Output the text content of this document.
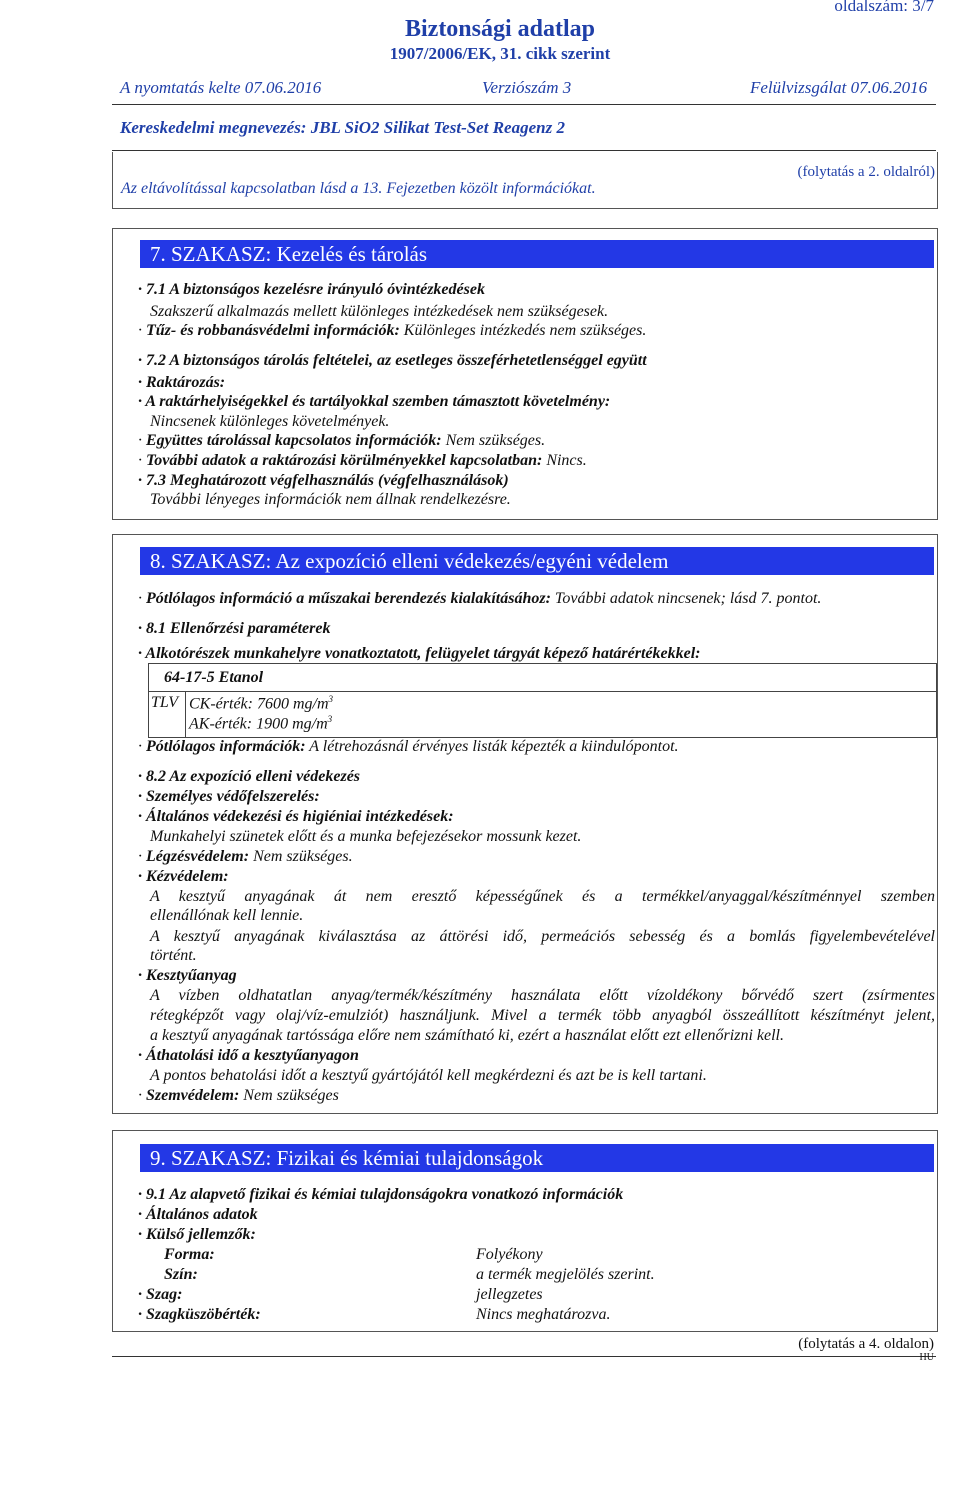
oldalszám: 3/7
Biztonsági adatlap
1907/2006/EK, 31. cikk szerint
A nyomtatás kelte 07.06.2016	Verziószám 3	Felülvizsgálat 07.06.2016
Kereskedelmi megnevezés: JBL SiO2 Silikat Test-Set Reagenz 2
(folytatás a 2. oldalról)
Az eltávolítással kapcsolatban lásd a 13. Fejezetben közölt információkat.
7. SZAKASZ: Kezelés és tárolás
· 7.1 A biztonságos kezelésre irányuló óvintézkedések
Szakszerű alkalmazás mellett különleges intézkedések nem szükségesek.
· Tűz- és robbanásvédelmi információk: Különleges intézkedés nem szükséges.
· 7.2 A biztonságos tárolás feltételei, az esetleges összeférhetetlenséggel együtt
· Raktározás:
· A raktárhelyiségekkel és tartályokkal szemben támasztott követelmény:
Nincsenek különleges követelmények.
· Együttes tárolással kapcsolatos információk: Nem szükséges.
· További adatok a raktározási körülményekkel kapcsolatban: Nincs.
· 7.3 Meghatározott végfelhasználás (végfelhasználások)
További lényeges információk nem állnak rendelkezésre.
8. SZAKASZ: Az expozíció elleni védekezés/egyéni védelem
· Pótlólagos információ a műszakai berendezés kialakításához: További adatok nincsenek; lásd 7. pontot.
· 8.1 Ellenőrzési paraméterek
· Alkotórészek munkahelyre vonatkoztatott, felügyelet tárgyát képező határértékekkel:
64-17-5 Etanol
TLV CK-érték: 7600 $mg/m^3$
AK-érték: 1900 $mg/m^3$
· Pótlólagos információk: A létrehozásnál érvényes listák képezték a kiindulópontot.
· 8.2 Az expozíció elleni védekezés
· Személyes védőfelszerelés:
· Általános védekezési és higiéniai intézkedések:
Munkahelyi szünetek előtt és a munka befejezésekor mossunk kezet.
· Légzésvédelem: Nem szükséges.
· Kézvédelem:
A kesztyű anyagának át nem eresztő képességűnek és a termékkel/anyaggal/készítménnyel szemben
ellenállónak kell lennie.
A kesztyű anyagának kiválasztása az áttörési idő, permeációs sebesség és a bomlás figyelembevételével
történt.
· Kesztyűanyag
A vízben oldhatatlan anyag/termék/készítmény használata előtt vízoldékony bőrvédő szert (zsírmentes
rétegképzőt vagy olaj/víz-emulziót) használjunk. Mivel a termék több anyagból összeállított készítményt jelent,
a kesztyű anyagának tartóssága előre nem számítható ki, ezért a használat előtt ezt ellenőrizni kell.
· Áthatolási idő a kesztyűanyagon
A pontos behatolási időt a kesztyű gyártójától kell megkérdezni és azt be is kell tartani.
· Szemvédelem: Nem szükséges
9. SZAKASZ: Fizikai és kémiai tulajdonságok
· 9.1 Az alapvető fizikai és kémiai tulajdonságokra vonatkozó információk
· Általános adatok
· Külső jellemzők:
Forma:	Folyékony
Szín:	a termék megjelölés szerint.
· Szag:	jellegzetes
· Szagküszöbérték:	Nincs meghatározva.
(folytatás a 4. oldalon)
HU
